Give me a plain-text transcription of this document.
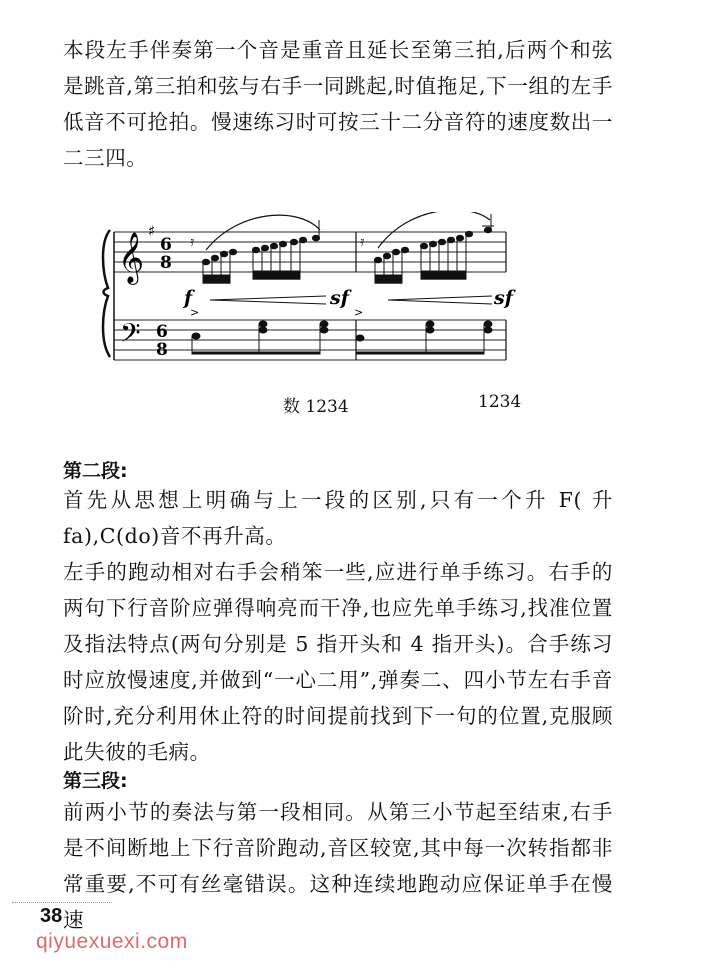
本段左手伴奏第一个音是重音且延长至第三拍,后两个和弦是跳音,第三拍和弦与右手一同跳起,时值拖足,下一组的左手低音不可抢拍。慢速练习时可按三十二分音符的速度数出一二三四。

𝄞
♯
6
8
𝄢 6
8
𝄿	𝄿
f	sf	sf
>	>
数 1234	1234
第二段:

首先从思想上明确与上一段的区别,只有一个升 F( 升 fa),C(do)音不再升高。

左手的跑动相对右手会稍笨一些,应进行单手练习。右手的两句下行音阶应弹得响亮而干净,也应先单手练习,找准位置及指法特点(两句分别是 5 指开头和 4 指开头)。合手练习时应放慢速度,并做到“一心二用”,弹奏二、四小节左右手音阶时,充分利用休止符的时间提前找到下一句的位置,克服顾此失彼的毛病。

第三段:

前两小节的奏法与第一段相同。从第三小节起至结束,右手是不间断地上下行音阶跑动,音区较宽,其中每一次转指都非常重要,不可有丝毫错误。这种连续地跑动应保证单手在慢速

38
qiyuexuexi.com
